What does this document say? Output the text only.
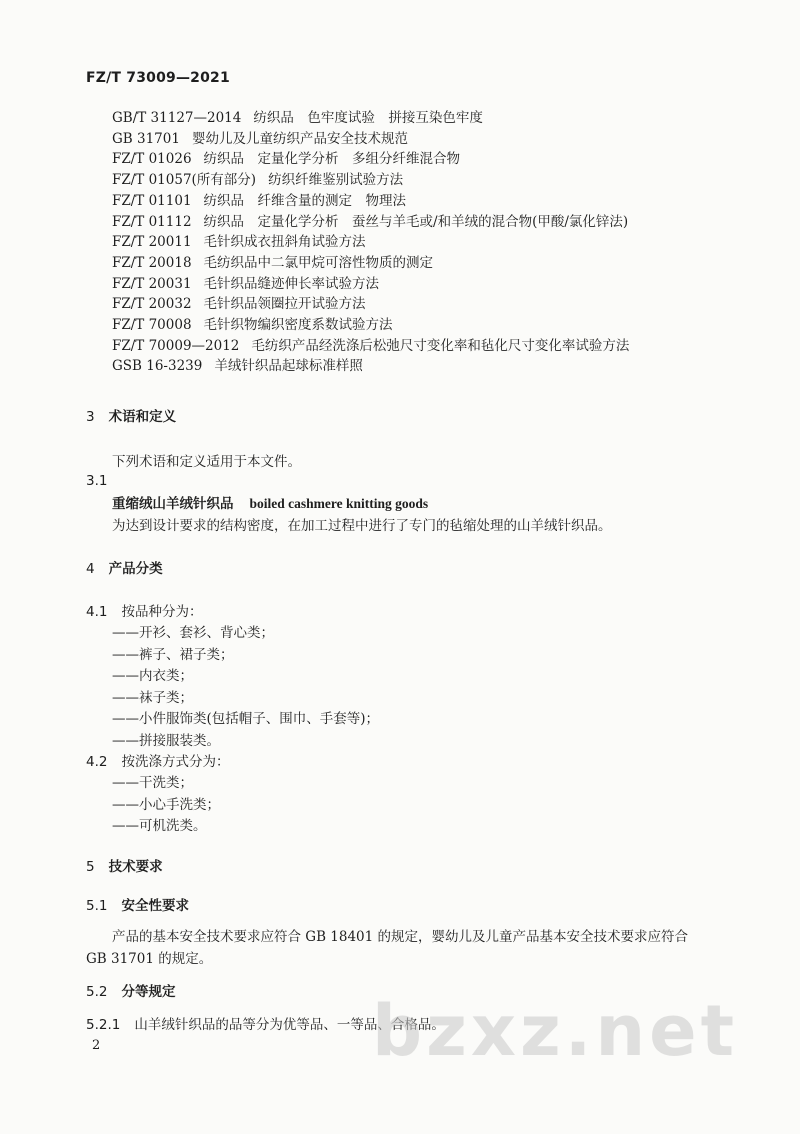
FZ/T 73009—2021
GB/T 31127—2014 纺织品　色牢度试验　拼接互染色牢度
GB 31701 婴幼儿及儿童纺织产品安全技术规范
FZ/T 01026 纺织品　定量化学分析　多组分纤维混合物
FZ/T 01057(所有部分) 纺织纤维鉴别试验方法
FZ/T 01101 纺织品　纤维含量的测定　物理法
FZ/T 01112 纺织品　定量化学分析　蚕丝与羊毛或/和羊绒的混合物(甲酸/氯化锌法)
FZ/T 20011 毛针织成衣扭斜角试验方法
FZ/T 20018 毛纺织品中二氯甲烷可溶性物质的测定
FZ/T 20031 毛针织品缝迹伸长率试验方法
FZ/T 20032 毛针织品领圈拉开试验方法
FZ/T 70008 毛针织物编织密度系数试验方法
FZ/T 70009—2012 毛纺织产品经洗涤后松弛尺寸变化率和毡化尺寸变化率试验方法
GSB 16-3239 羊绒针织品起球标准样照
3 术语和定义
下列术语和定义适用于本文件。
3.1
重缩绒山羊绒针织品 boiled cashmere knitting goods
为达到设计要求的结构密度，在加工过程中进行了专门的毡缩处理的山羊绒针织品。
4 产品分类
4.1 按品种分为：
——开衫、套衫、背心类；
——裤子、裙子类；
——内衣类；
——袜子类；
——小件服饰类(包括帽子、围巾、手套等)；
——拼接服装类。
4.2 按洗涤方式分为：
——干洗类；
——小心手洗类；
——可机洗类。
5 技术要求
5.1 安全性要求
产品的基本安全技术要求应符合 GB 18401 的规定，婴幼儿及儿童产品基本安全技术要求应符合
GB 31701 的规定。
5.2 分等规定
5.2.1 山羊绒针织品的品等分为优等品、一等品、合格品。
bzxz.net
2
